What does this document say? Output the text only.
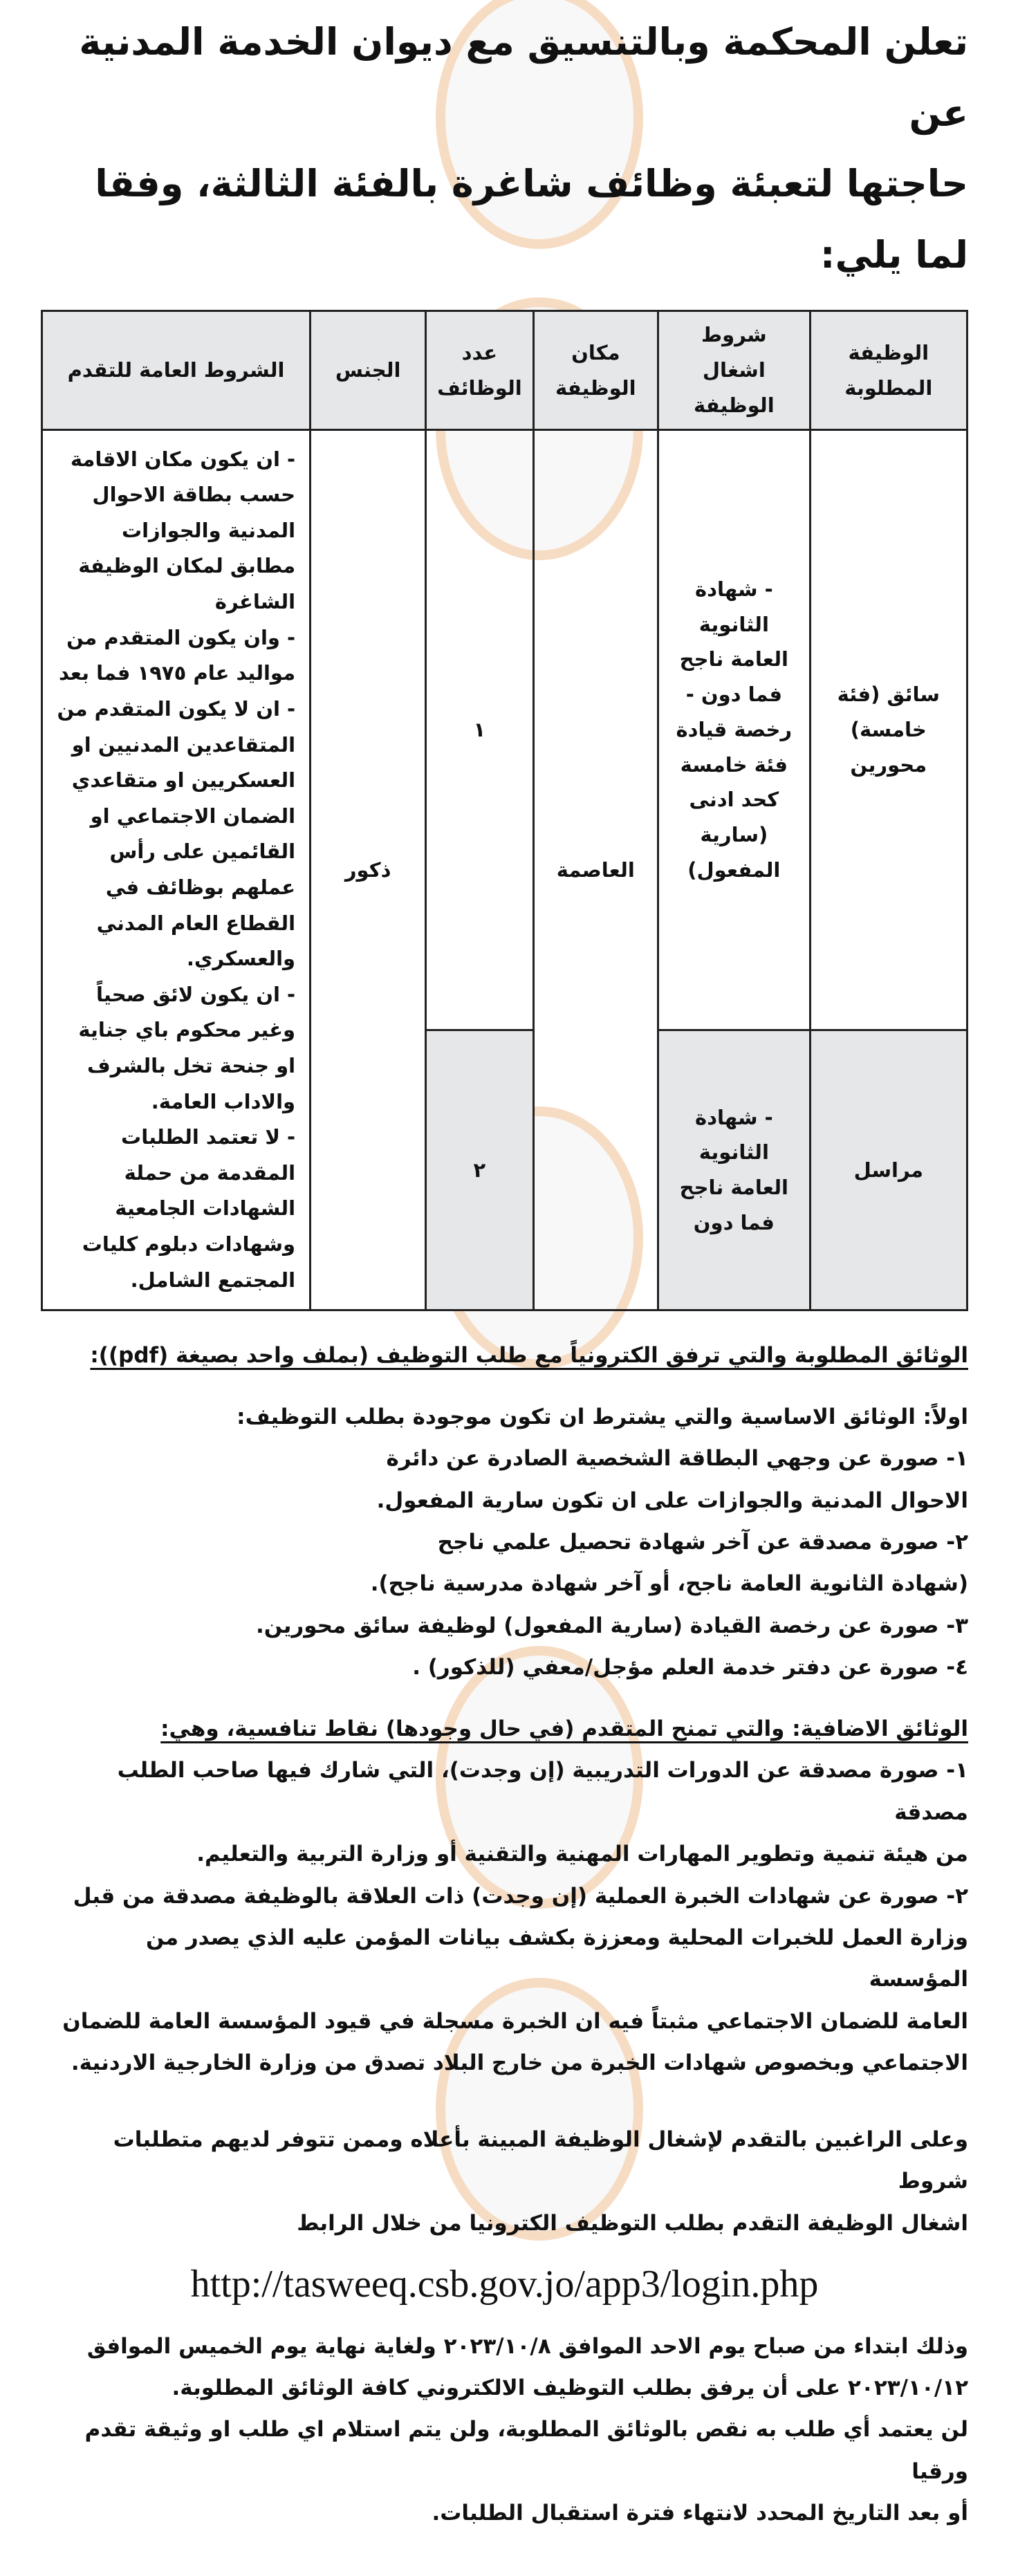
تعلن المحكمة وبالتنسيق مع ديوان الخدمة المدنية عن
حاجتها لتعبئة وظائف شاغرة بالفئة الثالثة، وفقا لما يلي:
الوظيفة المطلوبة	شروط اشغال الوظيفة	مكان الوظيفة	عدد الوظائف	الجنس	الشروط العامة للتقدم
سائق (فئة خامسة) محورين	- شهادة الثانوية العامة ناجح فما دون - رخصة قيادة فئة خامسة كحد ادنى (سارية المفعول)	العاصمة	١	ذكور	- ان يكون مكان الاقامة حسب بطاقة الاحوال المدنية والجوازات مطابق لمكان الوظيفة الشاغرة
- وان يكون المتقدم من مواليد عام ١٩٧٥ فما بعد
- ان لا يكون المتقدم من المتقاعدين المدنيين او العسكريين او متقاعدي الضمان الاجتماعي او القائمين على رأس عملهم بوظائف في القطاع العام المدني والعسكري.
- ان يكون لائق صحياً وغير محكوم باي جناية او جنحة تخل بالشرف والاداب العامة.
- لا تعتمد الطلبات المقدمة من حملة الشهادات الجامعية وشهادات دبلوم كليات المجتمع الشامل.

مراسل	- شهادة الثانوية العامة ناجح فما دون		٢		
الوثائق المطلوبة والتي ترفق الكترونياً مع طلب التوظيف (بملف واحد بصيغة (pdf)):
اولاً: الوثائق الاساسية والتي يشترط ان تكون موجودة بطلب التوظيف:
١- صورة عن وجهي البطاقة الشخصية الصادرة عن دائرة
الاحوال المدنية والجوازات على ان تكون سارية المفعول.
٢- صورة مصدقة عن آخر شهادة تحصيل علمي ناجح
(شهادة الثانوية العامة ناجح، أو آخر شهادة مدرسية ناجح).
٣- صورة عن رخصة القيادة (سارية المفعول) لوظيفة سائق محورين.
٤- صورة عن دفتر خدمة العلم مؤجل/معفي (للذكور) .
الوثائق الاضافية: والتي تمنح المتقدم (في حال وجودها) نقاط تنافسية، وهي:
١- صورة مصدقة عن الدورات التدريبية (إن وجدت)، التي شارك فيها صاحب الطلب مصدقة
من هيئة تنمية وتطوير المهارات المهنية والتقنية أو وزارة التربية والتعليم.
٢- صورة عن شهادات الخبرة العملية (إن وجدت) ذات العلاقة بالوظيفة مصدقة من قبل
وزارة العمل للخبرات المحلية ومعززة بكشف بيانات المؤمن عليه الذي يصدر من المؤسسة
العامة للضمان الاجتماعي مثبتاً فيه ان الخبرة مسجلة في قيود المؤسسة العامة للضمان
الاجتماعي وبخصوص شهادات الخبرة من خارج البلاد تصدق من وزارة الخارجية الاردنية.
وعلى الراغبين بالتقدم لإشغال الوظيفة المبينة بأعلاه وممن تتوفر لديهم متطلبات شروط
اشغال الوظيفة التقدم بطلب التوظيف الكترونيا من خلال الرابط
http://tasweeq.csb.gov.jo/app3/login.php
وذلك ابتداء من صباح يوم الاحد الموافق ٢٠٢٣/١٠/٨ ولغاية نهاية يوم الخميس الموافق
٢٠٢٣/١٠/١٢ على أن يرفق بطلب التوظيف الالكتروني كافة الوثائق المطلوبة.
لن يعتمد أي طلب به نقص بالوثائق المطلوبة، ولن يتم استلام اي طلب او وثيقة تقدم ورقيا
أو بعد التاريخ المحدد لانتهاء فترة استقبال الطلبات.
